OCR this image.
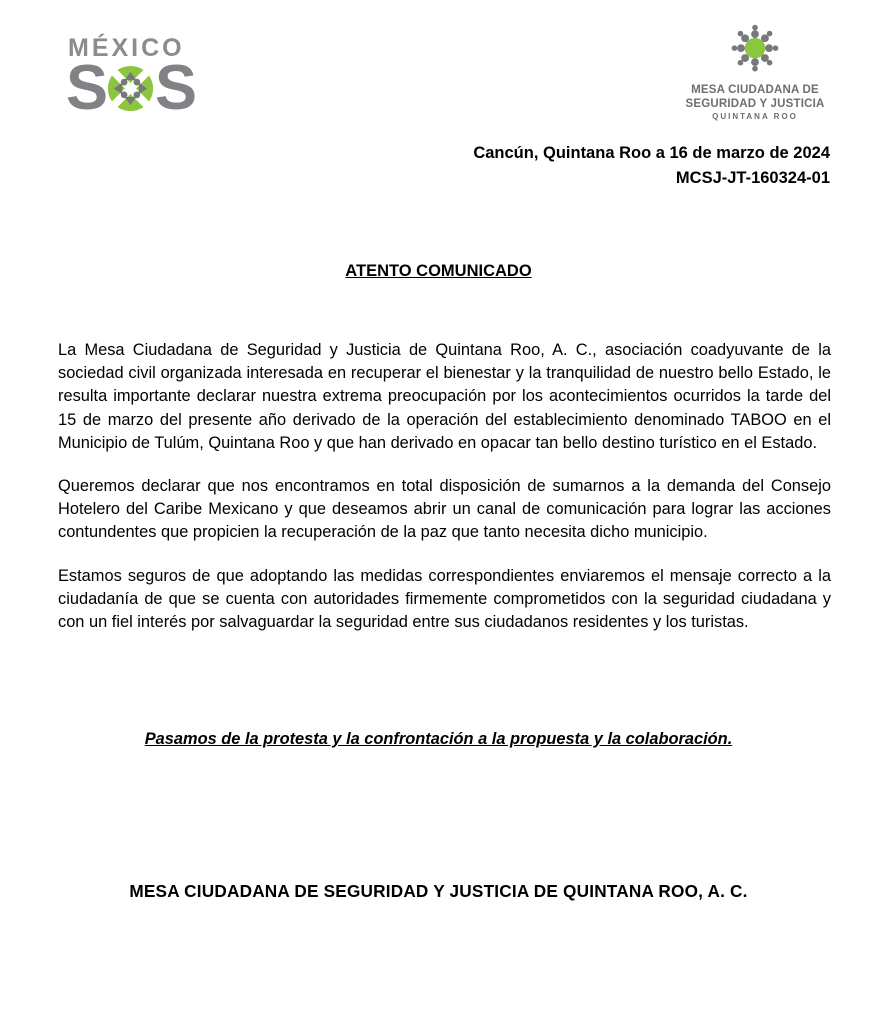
MÉXICO
S S	MESA CIUDADANA DE
SEGURIDAD Y JUSTICIA
QUINTANA ROO
Cancún, Quintana Roo a 16 de marzo de 2024
MCSJ-JT-160324-01
ATENTO COMUNICADO

La Mesa Ciudadana de Seguridad y Justicia de Quintana Roo, A. C., asociación coadyuvante de la sociedad civil organizada interesada en recuperar el bienestar y la tranquilidad de nuestro bello Estado, le resulta importante declarar nuestra extrema preocupación por los acontecimientos ocurridos la tarde del 15 de marzo del presente año derivado de la operación del establecimiento denominado TABOO en el Municipio de Tulúm, Quintana Roo y que han derivado en opacar tan bello destino turístico en el Estado.

Queremos declarar que nos encontramos en total disposición de sumarnos a la demanda del Consejo Hotelero del Caribe Mexicano y que deseamos abrir un canal de comunicación para lograr las acciones contundentes que propicien la recuperación de la paz que tanto necesita dicho municipio.

Estamos seguros de que adoptando las medidas correspondientes enviaremos el mensaje correcto a la ciudadanía de que se cuenta con autoridades firmemente comprometidos con la seguridad ciudadana y con un fiel interés por salvaguardar la seguridad entre sus ciudadanos residentes y los turistas.

Pasamos de la protesta y la confrontación a la propuesta y la colaboración.
MESA CIUDADANA DE SEGURIDAD Y JUSTICIA DE QUINTANA ROO, A. C.
